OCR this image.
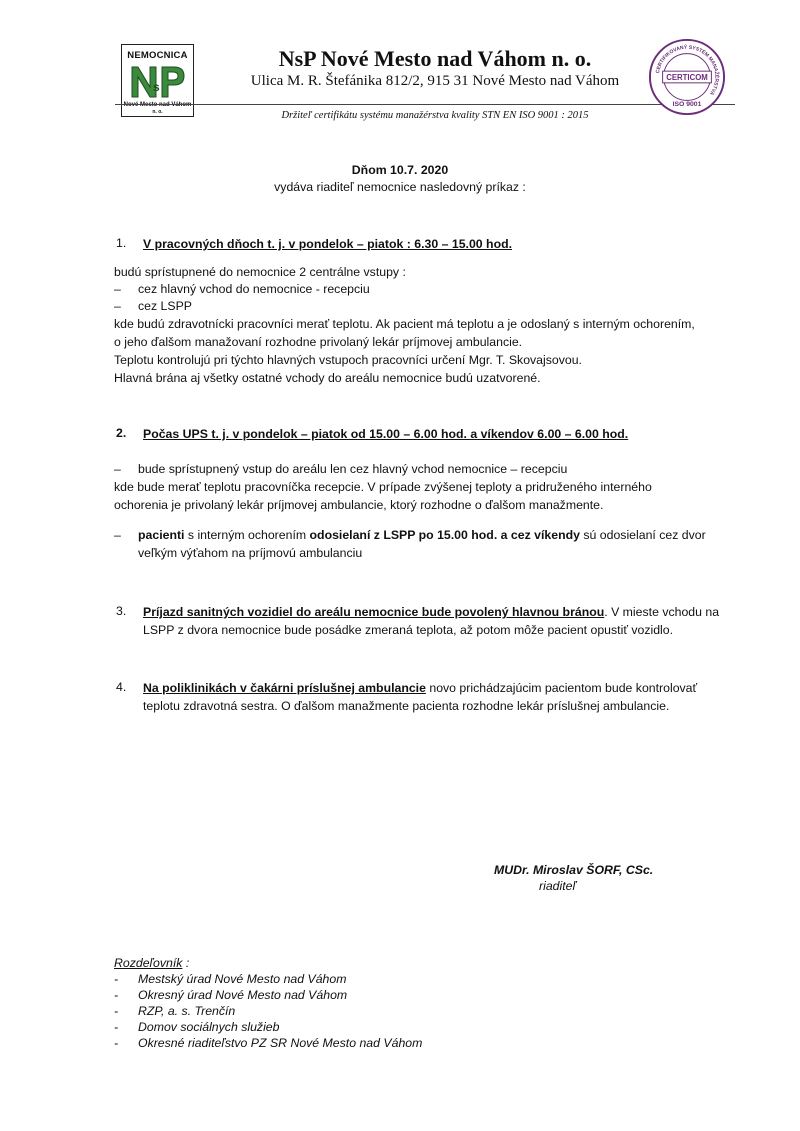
NEMOCNICA
s
Nové Mesto nad Váhom
n. o.
NsP Nové Mesto nad Váhom n. o.
Ulica M. R. Štefánika 812/2, 915 31 Nové Mesto nad Váhom
Držiteľ certifikátu systému manažérstva kvality STN EN ISO 9001 : 2015
CERTIFIKOVANÝ SYSTÉM MANAŽÉRSTVA
CERTICOM
ISO 9001
Dňom 10.7. 2020
vydáva riaditeľ nemocnice nasledovný príkaz :
1. V pracovných dňoch t. j. v pondelok – piatok : 6.30 – 15.00 hod.
budú sprístupnené do nemocnice 2 centrálne vstupy :
– cez hlavný vchod do nemocnice - recepciu
– cez LSPP
kde budú zdravotnícki pracovníci merať teplotu. Ak pacient má teplotu a je odoslaný s interným ochorením,
o jeho ďalšom manažovaní rozhodne privolaný lekár príjmovej ambulancie.
Teplotu kontrolujú pri týchto hlavných vstupoch pracovníci určení Mgr. T. Skovajsovou.
Hlavná brána aj všetky ostatné vchody do areálu nemocnice budú uzatvorené.
2. Počas UPS t. j. v pondelok – piatok od 15.00 – 6.00 hod. a víkendov 6.00 – 6.00 hod.
– bude sprístupnený vstup do areálu len cez hlavný vchod nemocnice – recepciu
kde bude merať teplotu pracovníčka recepcie. V prípade zvýšenej teploty a pridruženého interného
ochorenia je privolaný lekár príjmovej ambulancie, ktorý rozhodne o ďalšom manažmente.
– pacienti s interným ochorením odosielaní z LSPP po 15.00 hod. a cez víkendy sú odosielaní cez dvor
veľkým výťahom na príjmovú ambulanciu
3. Príjazd sanitných vozidiel do areálu nemocnice bude povolený hlavnou bránou. V mieste vchodu na
LSPP z dvora nemocnice bude posádke zmeraná teplota, až potom môže pacient opustiť vozidlo.
4. Na poliklinikách v čakárni príslušnej ambulancie novo prichádzajúcim pacientom bude kontrolovať
teplotu zdravotná sestra. O ďalšom manažmente pacienta rozhodne lekár príslušnej ambulancie.
MUDr. Miroslav ŠORF, CSc.
riaditeľ
Rozdeľovník :
- Mestský úrad Nové Mesto nad Váhom
- Okresný úrad Nové Mesto nad Váhom
- RZP, a. s. Trenčín
- Domov sociálnych služieb
- Okresné riaditeľstvo PZ SR Nové Mesto nad Váhom
